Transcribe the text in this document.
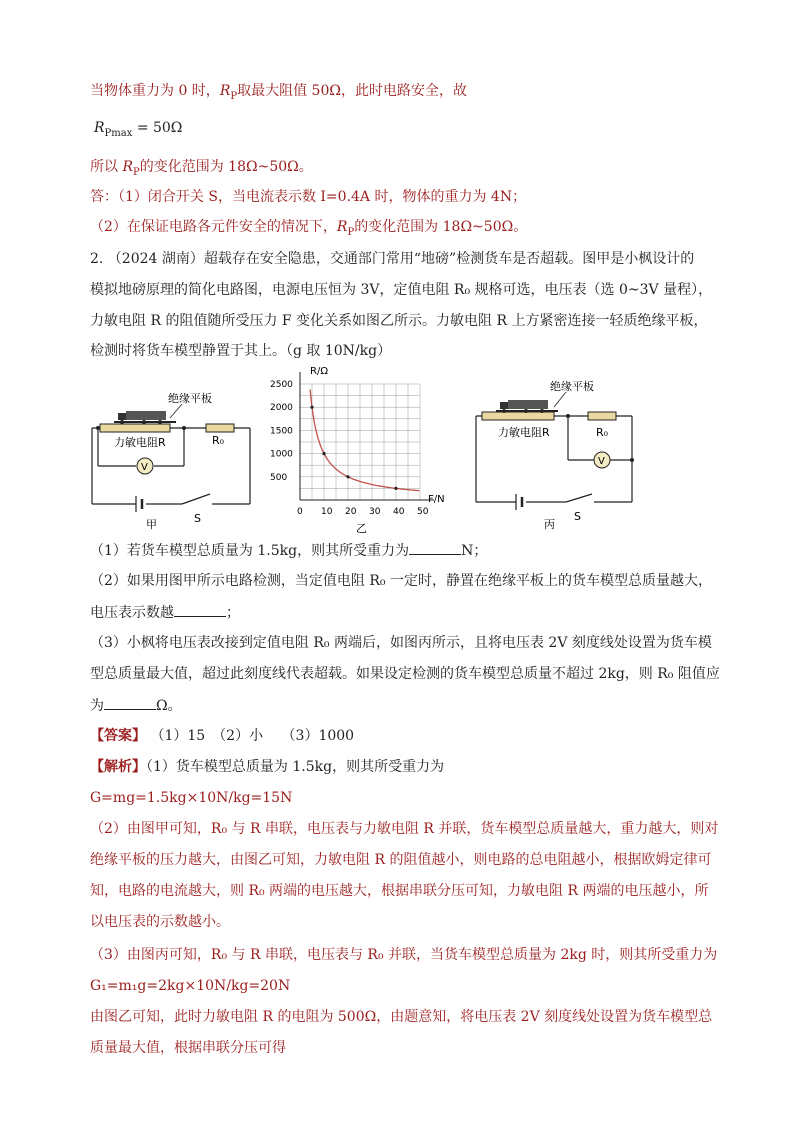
当物体重力为 0 时，$R_P$取最大阻值 50Ω，此时电路安全，故
$R_{Pmax} = 50\Omega$
所以 $R_P$的变化范围为 18Ω~50Ω。
答：（1）闭合开关 S，当电流表示数 I=0.4A 时，物体的重力为 4N；
（2）在保证电路各元件安全的情况下，$R_P$的变化范围为 18Ω~50Ω。
2. （2024 湖南）超载存在安全隐患，交通部门常用“地磅”检测货车是否超载。图甲是小枫设计的
模拟地磅原理的简化电路图，电源电压恒为 3V，定值电阻 R₀ 规格可选，电压表（选 0~3V 量程），
力敏电阻 R 的阻值随所受压力 F 变化关系如图乙所示。力敏电阻 R 上方紧密连接一轻质绝缘平板，
检测时将货车模型静置于其上。（g 取 10N/kg）
V
绝缘平板
力敏电阻R	R₀
S
甲
0 10 20 30 40 50
500
1000
1500
2000
2500
R/Ω
F/N
乙
V
绝缘平板
力敏电阻R	R₀
S
丙
（1）若货车模型总质量为 1.5kg，则其所受重力为	N；
（2）如果用图甲所示电路检测，当定值电阻 R₀ 一定时，静置在绝缘平板上的货车模型总质量越大，
电压表示数越	；
（3）小枫将电压表改接到定值电阻 R₀ 两端后，如图丙所示，且将电压表 2V 刻度线处设置为货车模
型总质量最大值，超过此刻度线代表超载。如果设定检测的货车模型总质量不超过 2kg，则 R₀ 阻值应
为	Ω。
【答案】 （1）15　（2）小　 （3）1000
【解析】（1）货车模型总质量为 1.5kg，则其所受重力为
G=mg=1.5kg×10N/kg=15N
（2）由图甲可知，R₀ 与 R 串联，电压表与力敏电阻 R 并联，货车模型总质量越大，重力越大，则对
绝缘平板的压力越大，由图乙可知，力敏电阻 R 的阻值越小，则电路的总电阻越小，根据欧姆定律可
知，电路的电流越大，则 R₀ 两端的电压越大，根据串联分压可知，力敏电阻 R 两端的电压越小，所
以电压表的示数越小。
（3）由图丙可知，R₀ 与 R 串联，电压表与 R₀ 并联，当货车模型总质量为 2kg 时，则其所受重力为
G₁=m₁g=2kg×10N/kg=20N
由图乙可知，此时力敏电阻 R 的电阻为 500Ω，由题意知，将电压表 2V 刻度线处设置为货车模型总
质量最大值，根据串联分压可得
